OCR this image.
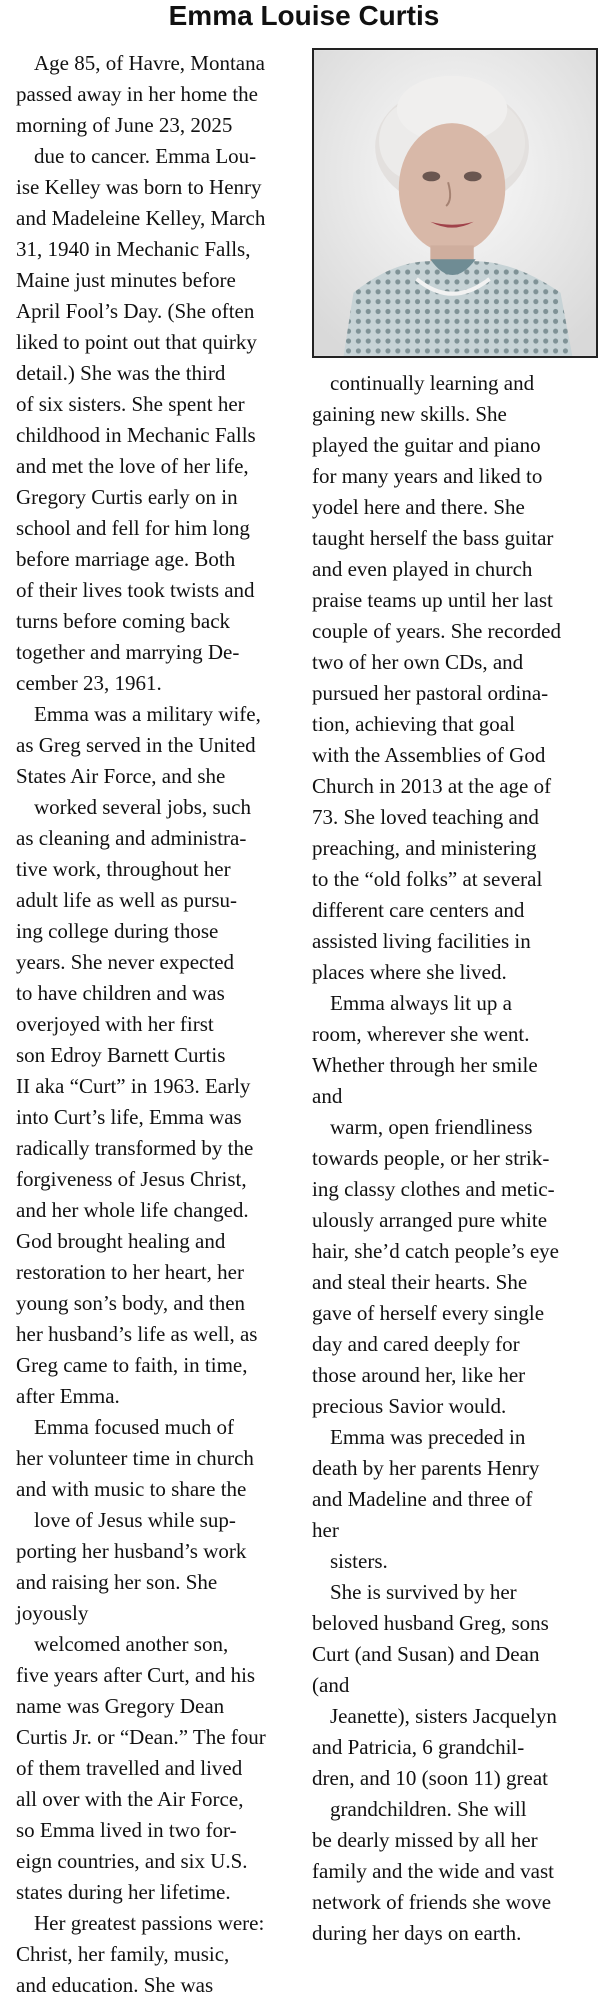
Emma Louise Curtis
Age 85, of Havre, Montana
passed away in her home the
morning of June 23, 2025
due to cancer. Emma Lou-
ise Kelley was born to Henry
and Madeleine Kelley, March
31, 1940 in Mechanic Falls,
Maine just minutes before
April Fool’s Day. (She often
liked to point out that quirky
detail.) She was the third
of six sisters. She spent her
childhood in Mechanic Falls
and met the love of her life,
Gregory Curtis early on in
school and fell for him long
before marriage age. Both
of their lives took twists and
turns before coming back
together and marrying De-
cember 23, 1961.
Emma was a military wife,
as Greg served in the United
States Air Force, and she
worked several jobs, such
as cleaning and administra-
tive work, throughout her
adult life as well as pursu-
ing college during those
years. She never expected
to have children and was
overjoyed with her first
son Edroy Barnett Curtis
II aka “Curt” in 1963. Early
into Curt’s life, Emma was
radically transformed by the
forgiveness of Jesus Christ,
and her whole life changed.
God brought healing and
restoration to her heart, her
young son’s body, and then
her husband’s life as well, as
Greg came to faith, in time,
after Emma.
Emma focused much of
her volunteer time in church
and with music to share the
love of Jesus while sup-
porting her husband’s work
and raising her son. She
joyously
welcomed another son,
five years after Curt, and his
name was Gregory Dean
Curtis Jr. or “Dean.” The four
of them travelled and lived
all over with the Air Force,
so Emma lived in two for-
eign countries, and six U.S.
states during her lifetime.
Her greatest passions were:
Christ, her family, music,
and education. She was
continually learning and
gaining new skills. She
played the guitar and piano
for many years and liked to
yodel here and there. She
taught herself the bass guitar
and even played in church
praise teams up until her last
couple of years. She recorded
two of her own CDs, and
pursued her pastoral ordina-
tion, achieving that goal
with the Assemblies of God
Church in 2013 at the age of
73. She loved teaching and
preaching, and ministering
to the “old folks” at several
different care centers and
assisted living facilities in
places where she lived.
Emma always lit up a
room, wherever she went.
Whether through her smile
and
warm, open friendliness
towards people, or her strik-
ing classy clothes and metic-
ulously arranged pure white
hair, she’d catch people’s eye
and steal their hearts. She
gave of herself every single
day and cared deeply for
those around her, like her
precious Savior would.
Emma was preceded in
death by her parents Henry
and Madeline and three of
her
sisters.
She is survived by her
beloved husband Greg, sons
Curt (and Susan) and Dean
(and
Jeanette), sisters Jacquelyn
and Patricia, 6 grandchil-
dren, and 10 (soon 11) great
grandchildren. She will
be dearly missed by all her
family and the wide and vast
network of friends she wove
during her days on earth.
